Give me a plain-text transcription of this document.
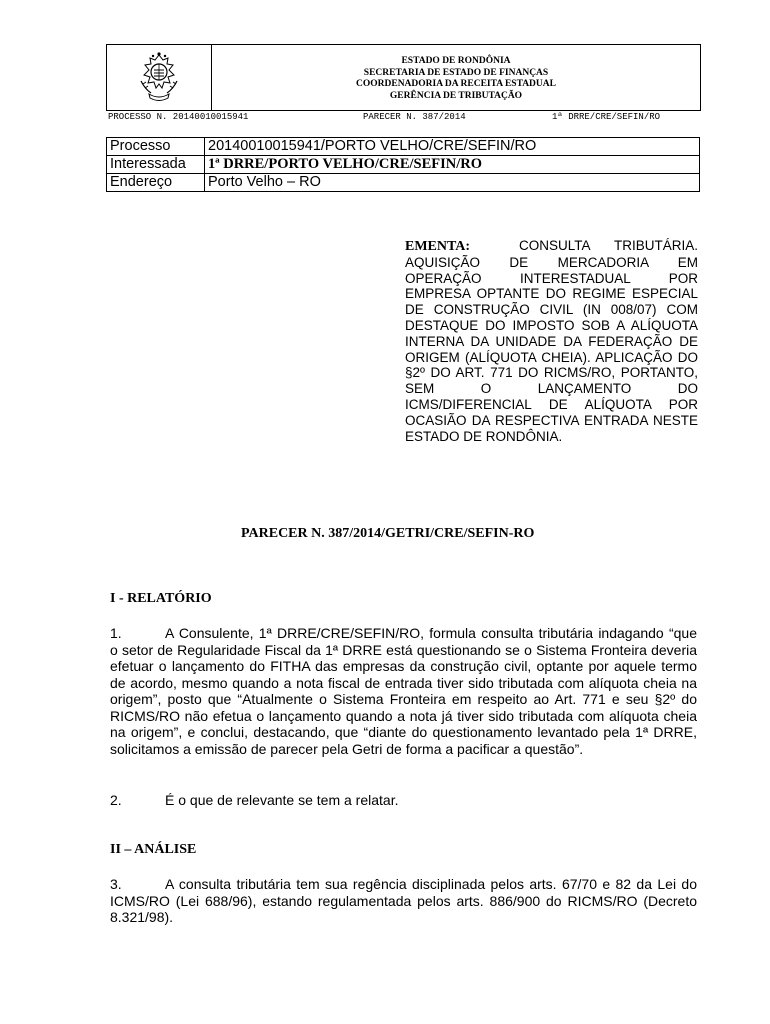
ESTADO DE RONDÔNIA
SECRETARIA DE ESTADO DE FINANÇAS
COORDENADORIA DA RECEITA ESTADUAL
GERÊNCIA DE TRIBUTAÇÃO
PROCESSO N. 20140010015941	PARECER N. 387/2014	1ª DRRE/CRE/SEFIN/RO
Processo	20140010015941/PORTO VELHO/CRE/SEFIN/RO
Interessada	1ª DRRE/PORTO VELHO/CRE/SEFIN/RO
Endereço	Porto Velho – RO
EMENTA:	CONSULTA TRIBUTÁRIA. AQUISIÇÃO DE MERCADORIA EM OPERAÇÃO INTERESTADUAL POR EMPRESA OPTANTE DO REGIME ESPECIAL DE CONSTRUÇÃO CIVIL (IN 008/07) COM DESTAQUE DO IMPOSTO SOB A ALÍQUOTA INTERNA DA UNIDADE DA FEDERAÇÃO DE ORIGEM (ALÍQUOTA CHEIA). APLICAÇÃO DO §2º DO ART. 771 DO RICMS/RO, PORTANTO, SEM O LANÇAMENTO DO ICMS/DIFERENCIAL DE ALÍQUOTA POR OCASIÃO DA RESPECTIVA ENTRADA NESTE ESTADO DE RONDÔNIA.
PARECER N. 387/2014/GETRI/CRE/SEFIN-RO
I - RELATÓRIO
1.	A Consulente, 1ª DRRE/CRE/SEFIN/RO, formula consulta tributária indagando “que o setor de Regularidade Fiscal da 1ª DRRE está questionando se o Sistema Fronteira deveria efetuar o lançamento do FITHA das empresas da construção civil, optante por aquele termo de acordo, mesmo quando a nota fiscal de entrada tiver sido tributada com alíquota cheia na origem”, posto que “Atualmente o Sistema Fronteira em respeito ao Art. 771 e seu §2º do RICMS/RO não efetua o lançamento quando a nota já tiver sido tributada com alíquota cheia na origem”, e conclui, destacando, que “diante do questionamento levantado pela 1ª DRRE, solicitamos a emissão de parecer pela Getri de forma a pacificar a questão”.
2.	É o que de relevante se tem a relatar.
II – ANÁLISE
3.	A consulta tributária tem sua regência disciplinada pelos arts. 67/70 e 82 da Lei do ICMS/RO (Lei 688/96), estando regulamentada pelos arts. 886/900 do RICMS/RO (Decreto 8.321/98).
